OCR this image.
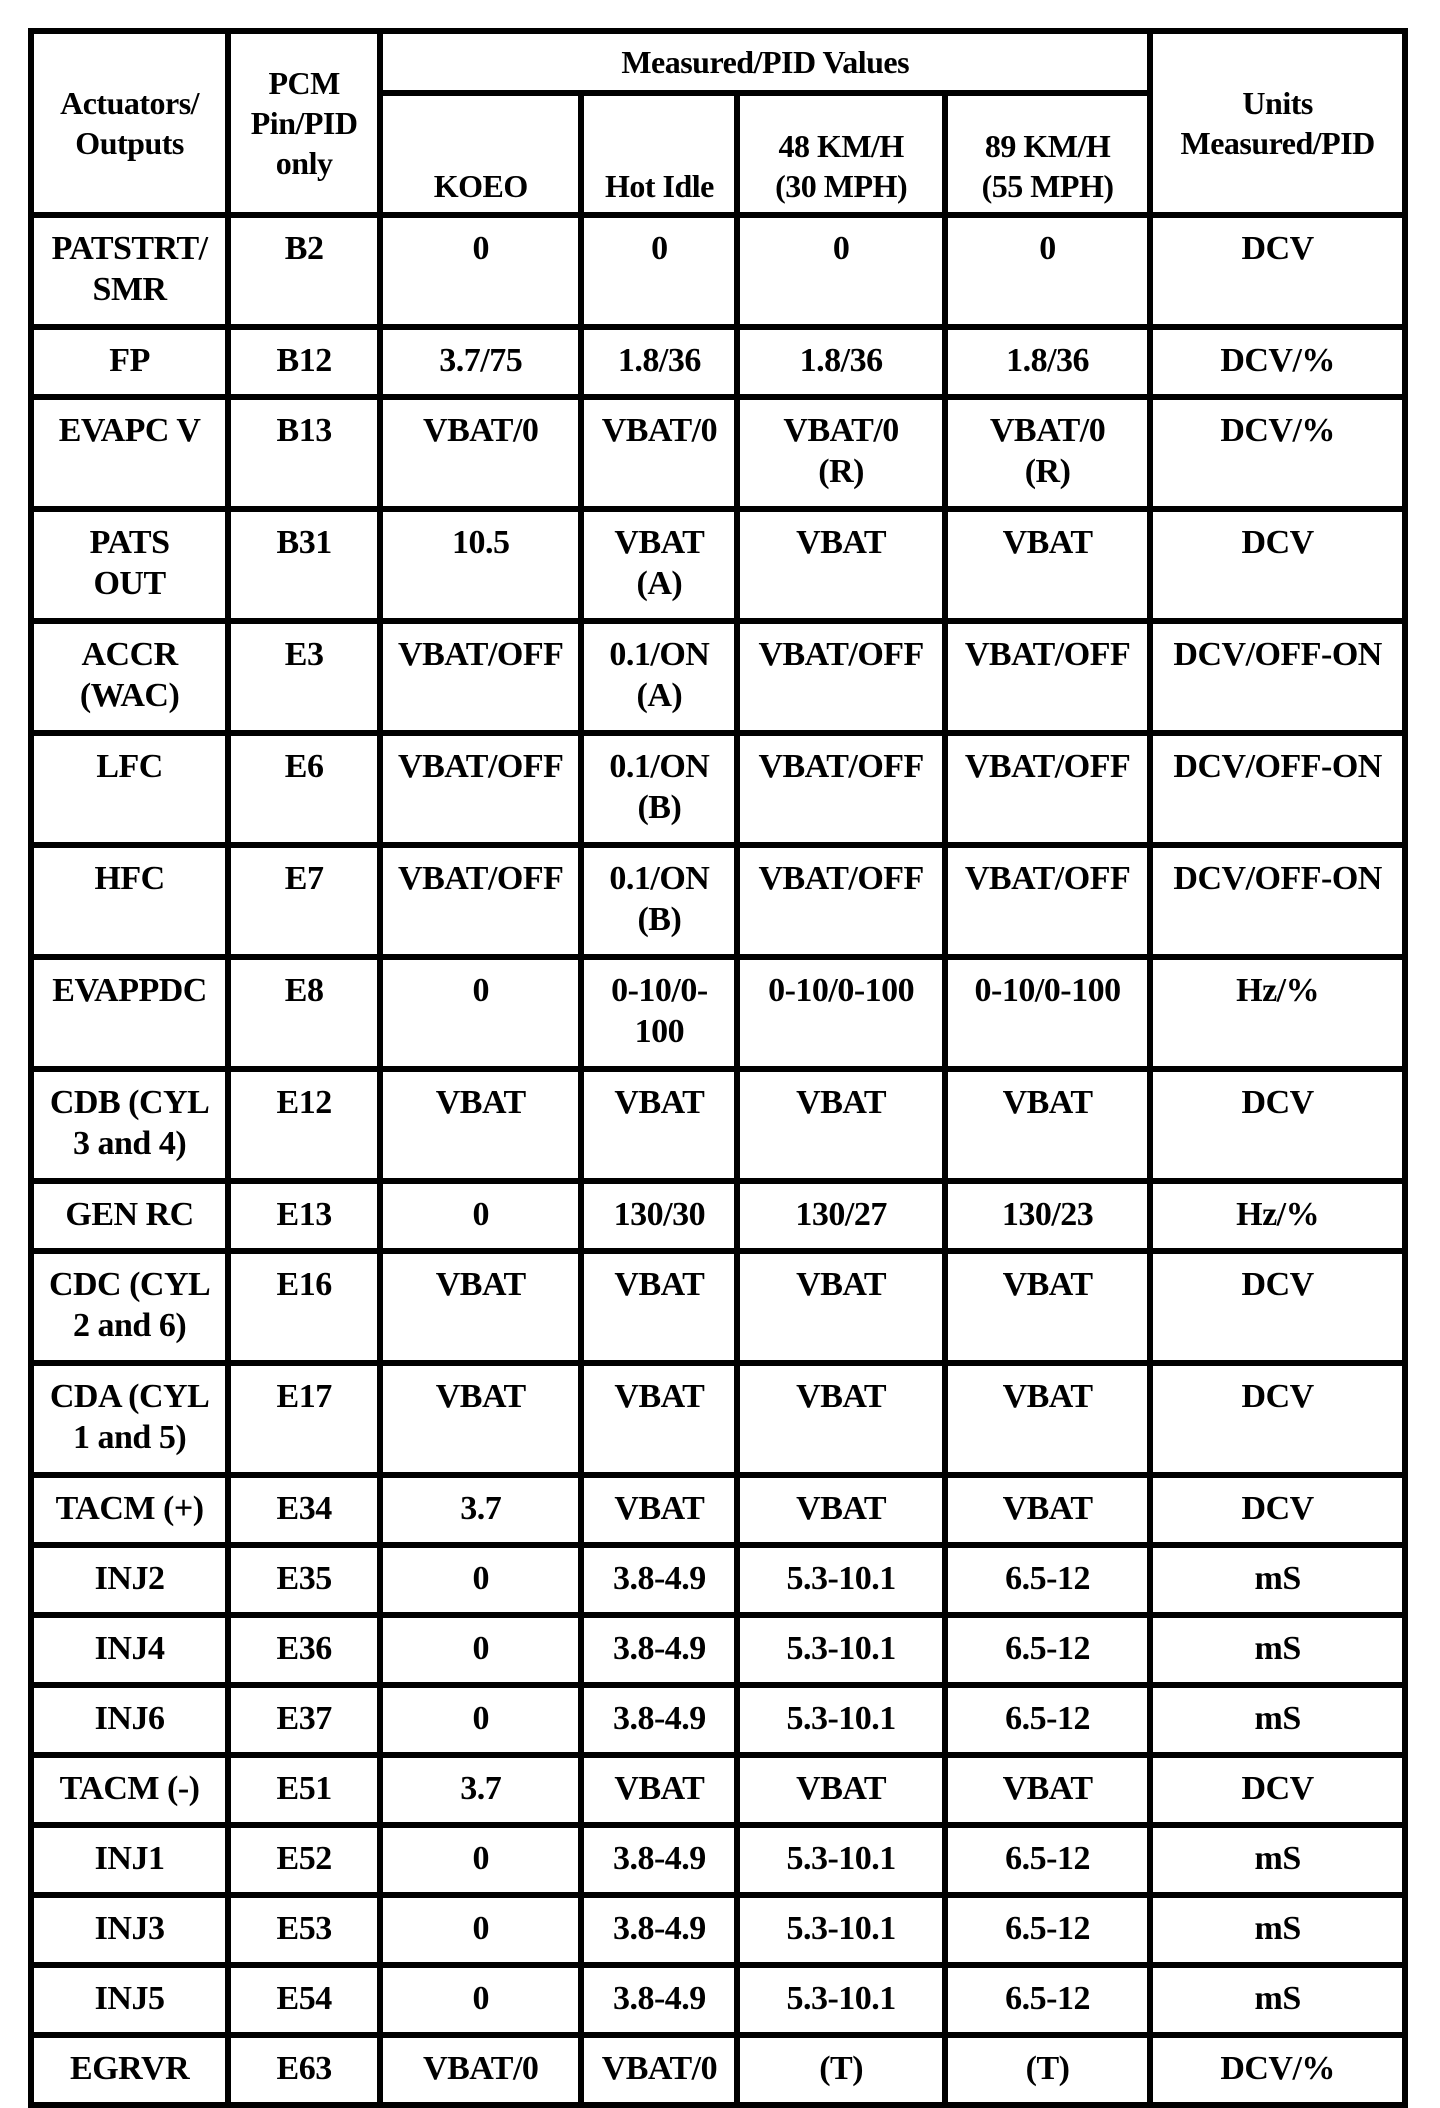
Actuators/
Outputs	PCM
Pin/PID
only	Measured/PID Values				Units
Measured/PID

		KOEO	Hot Idle	48 KM/H
(30 MPH)	89 KM/H
(55 MPH)	

PATSTRT/
SMR	B2	0	0	0	0	DCV

FP	B12	3.7/75	1.8/36	1.8/36	1.8/36	DCV/%

EVAPC V	B13	VBAT/0	VBAT/0	VBAT/0
(R)	VBAT/0
(R)	DCV/%

PATS
OUT	B31	10.5	VBAT
(A)	VBAT	VBAT	DCV

ACCR
(WAC)	E3	VBAT/OFF	0.1/ON
(A)	VBAT/OFF	VBAT/OFF	DCV/OFF-ON

LFC	E6	VBAT/OFF	0.1/ON
(B)	VBAT/OFF	VBAT/OFF	DCV/OFF-ON

HFC	E7	VBAT/OFF	0.1/ON
(B)	VBAT/OFF	VBAT/OFF	DCV/OFF-ON

EVAPPDC	E8	0	0-10/0-
100	0-10/0-100	0-10/0-100	Hz/%

CDB (CYL
3 and 4)	E12	VBAT	VBAT	VBAT	VBAT	DCV

GEN RC	E13	0	130/30	130/27	130/23	Hz/%

CDC (CYL
2 and 6)	E16	VBAT	VBAT	VBAT	VBAT	DCV

CDA (CYL
1 and 5)	E17	VBAT	VBAT	VBAT	VBAT	DCV

TACM (+)	E34	3.7	VBAT	VBAT	VBAT	DCV

INJ2	E35	0	3.8-4.9	5.3-10.1	6.5-12	mS

INJ4	E36	0	3.8-4.9	5.3-10.1	6.5-12	mS

INJ6	E37	0	3.8-4.9	5.3-10.1	6.5-12	mS

TACM (-)	E51	3.7	VBAT	VBAT	VBAT	DCV

INJ1	E52	0	3.8-4.9	5.3-10.1	6.5-12	mS

INJ3	E53	0	3.8-4.9	5.3-10.1	6.5-12	mS

INJ5	E54	0	3.8-4.9	5.3-10.1	6.5-12	mS

EGRVR	E63	VBAT/0	VBAT/0	(T)	(T)	DCV/%
